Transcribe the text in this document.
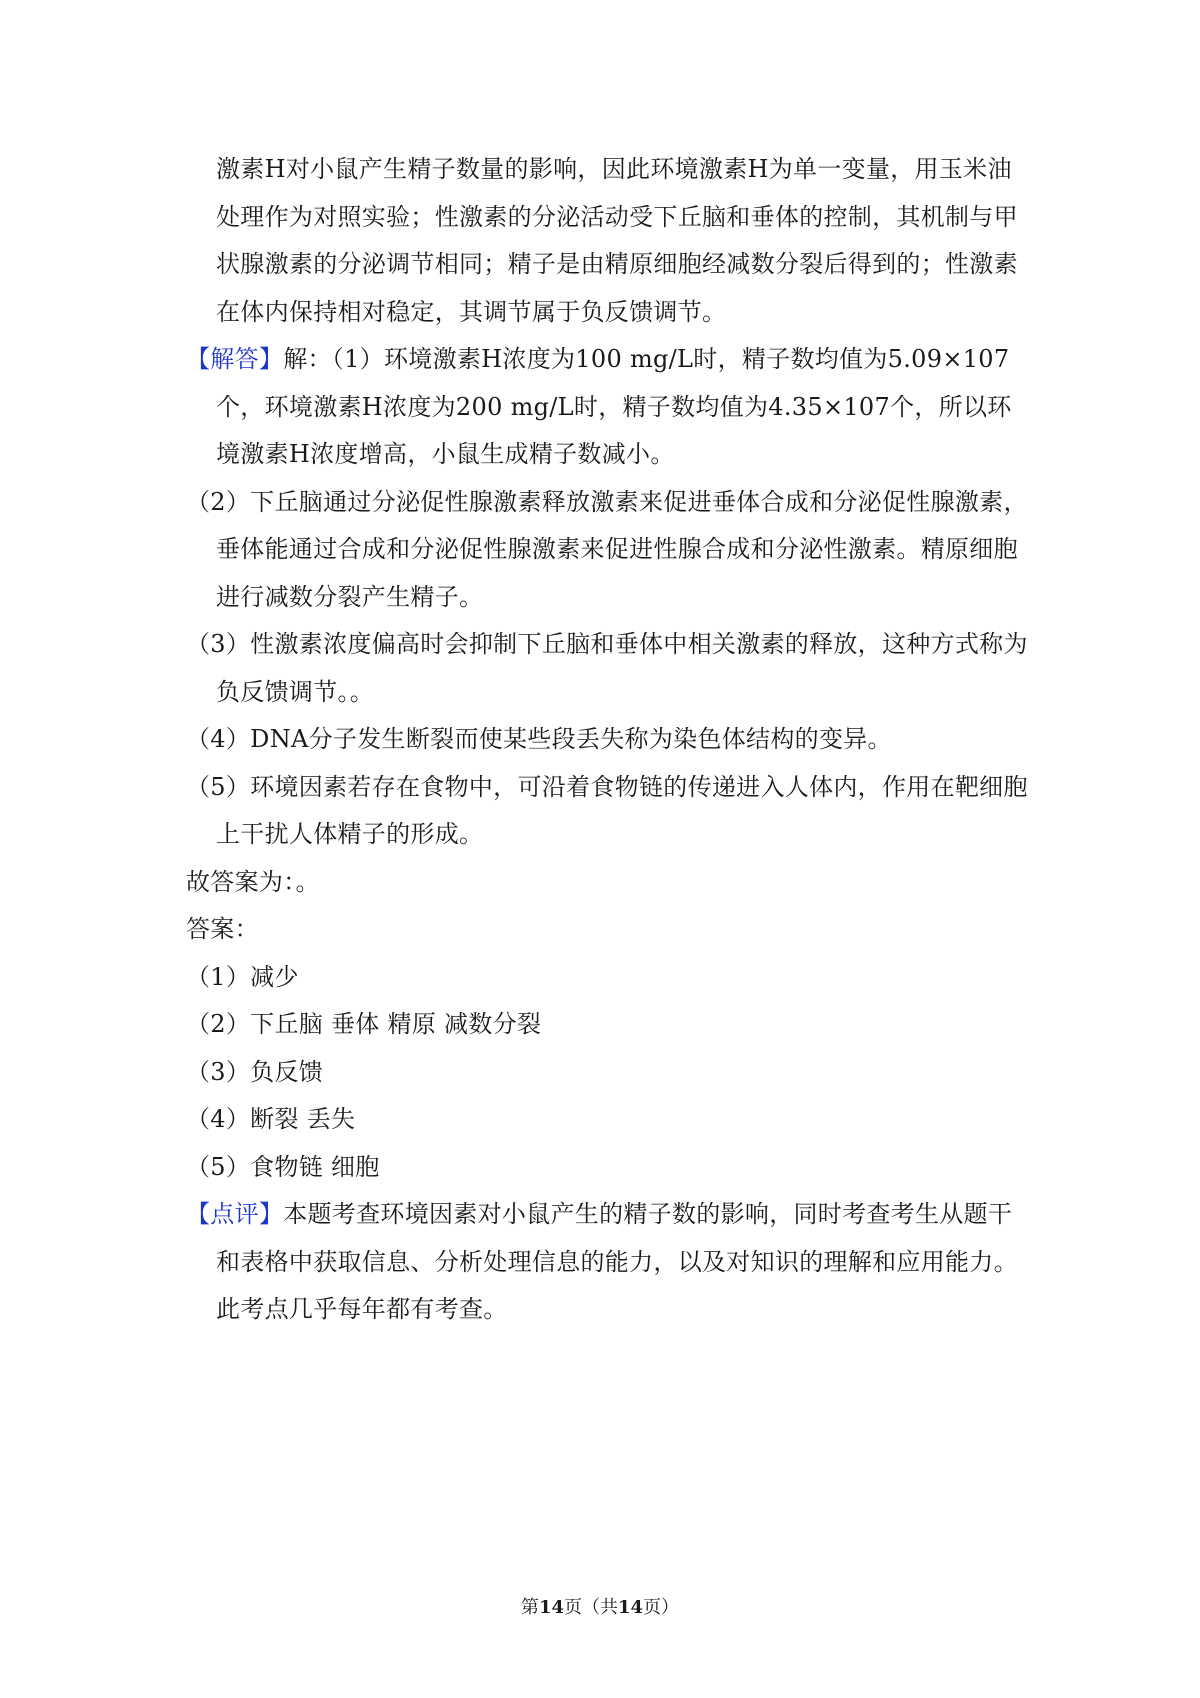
激素H对小鼠产生精子数量的影响，因此环境激素H为单一变量，用玉米油处理作为对照实验；性激素的分泌活动受下丘脑和垂体的控制，其机制与甲状腺激素的分泌调节相同；精子是由精原细胞经减数分裂后得到的；性激素在体内保持相对稳定，其调节属于负反馈调节。

【解答】解：（1）环境激素H浓度为100 mg/L时，精子数均值为5.09×107个，环境激素H浓度为200 mg/L时，精子数均值为4.35×107个，所以环境激素H浓度增高，小鼠生成精子数减小。

（2）下丘脑通过分泌促性腺激素释放激素来促进垂体合成和分泌促性腺激素，垂体能通过合成和分泌促性腺激素来促进性腺合成和分泌性激素。精原细胞进行减数分裂产生精子。

（3）性激素浓度偏高时会抑制下丘脑和垂体中相关激素的释放，这种方式称为负反馈调节。。

（4）DNA分子发生断裂而使某些段丢失称为染色体结构的变异。

（5）环境因素若存在食物中，可沿着食物链的传递进入人体内，作用在靶细胞上干扰人体精子的形成。

故答案为：。

答案：

（1）减少

（2）下丘脑 垂体 精原 减数分裂

（3）负反馈

（4）断裂 丢失

（5）食物链 细胞

【点评】本题考查环境因素对小鼠产生的精子数的影响，同时考查考生从题干和表格中获取信息、分析处理信息的能力，以及对知识的理解和应用能力。此考点几乎每年都有考查。

第14页（共14页）
